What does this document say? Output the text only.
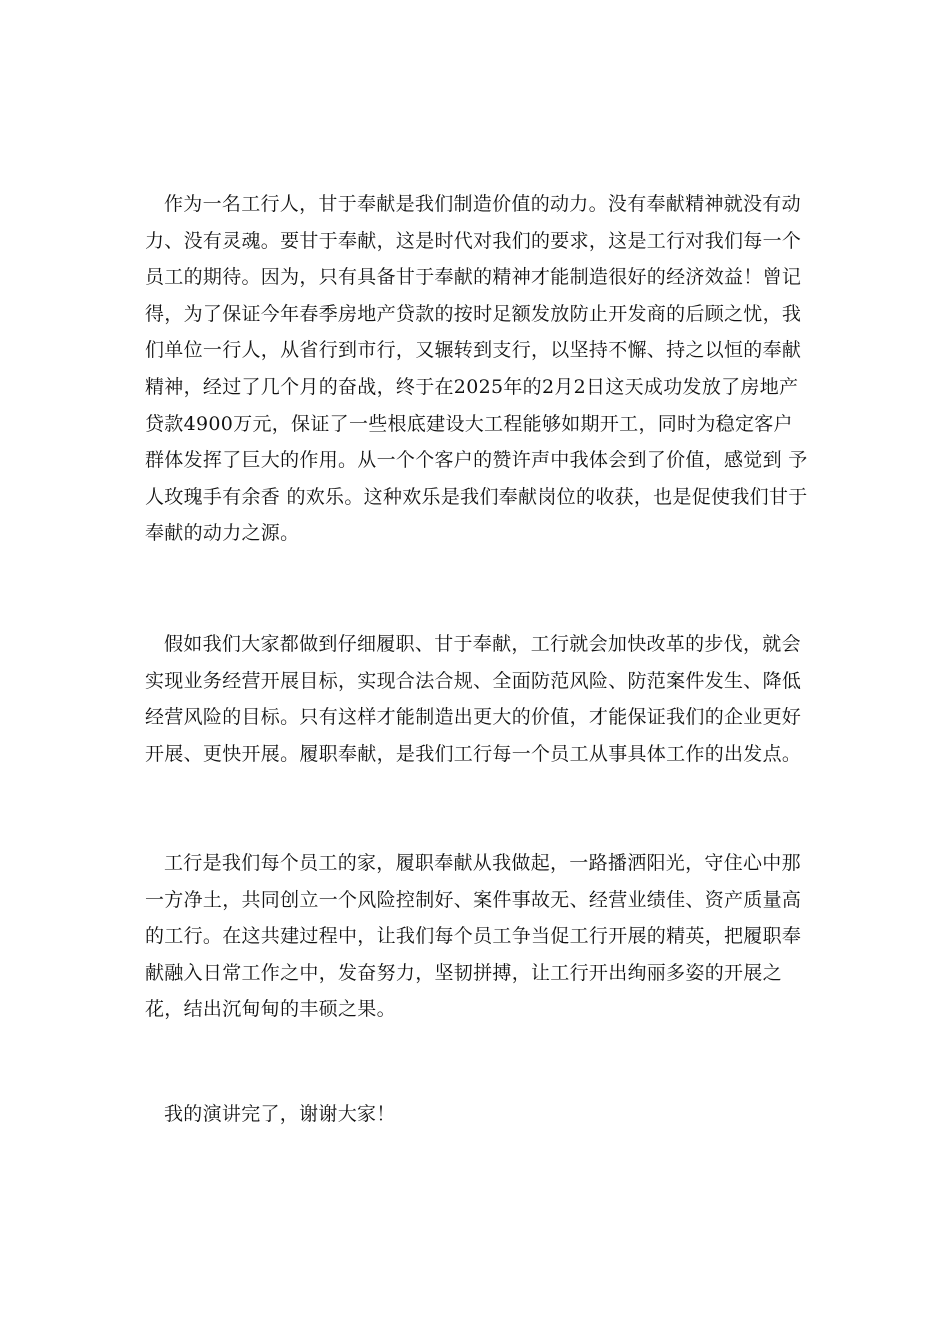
作为一名工行人，甘于奉献是我们制造价值的动力。没有奉献精神就没有动力、没有灵魂。要甘于奉献，这是时代对我们的要求，这是工行对我们每一个员工的期待。因为，只有具备甘于奉献的精神才能制造很好的经济效益！曾记得，为了保证今年春季房地产贷款的按时足额发放防止开发商的后顾之忧，我们单位一行人，从省行到市行，又辗转到支行，以坚持不懈、持之以恒的奉献精神，经过了几个月的奋战，终于在2025年的2月2日这天成功发放了房地产贷款4900万元，保证了一些根底建设大工程能够如期开工，同时为稳定客户群体发挥了巨大的作用。从一个个客户的赞许声中我体会到了价值，感觉到 予人玫瑰手有余香 的欢乐。这种欢乐是我们奉献岗位的收获，也是促使我们甘于奉献的动力之源。

假如我们大家都做到仔细履职、甘于奉献，工行就会加快改革的步伐，就会实现业务经营开展目标，实现合法合规、全面防范风险、防范案件发生、降低经营风险的目标。只有这样才能制造出更大的价值，才能保证我们的企业更好开展、更快开展。履职奉献，是我们工行每一个员工从事具体工作的出发点。

工行是我们每个员工的家，履职奉献从我做起，一路播洒阳光，守住心中那一方净土，共同创立一个风险控制好、案件事故无、经营业绩佳、资产质量高的工行。在这共建过程中，让我们每个员工争当促工行开展的精英，把履职奉献融入日常工作之中，发奋努力，坚韧拼搏，让工行开出绚丽多姿的开展之花，结出沉甸甸的丰硕之果。

我的演讲完了，谢谢大家！
